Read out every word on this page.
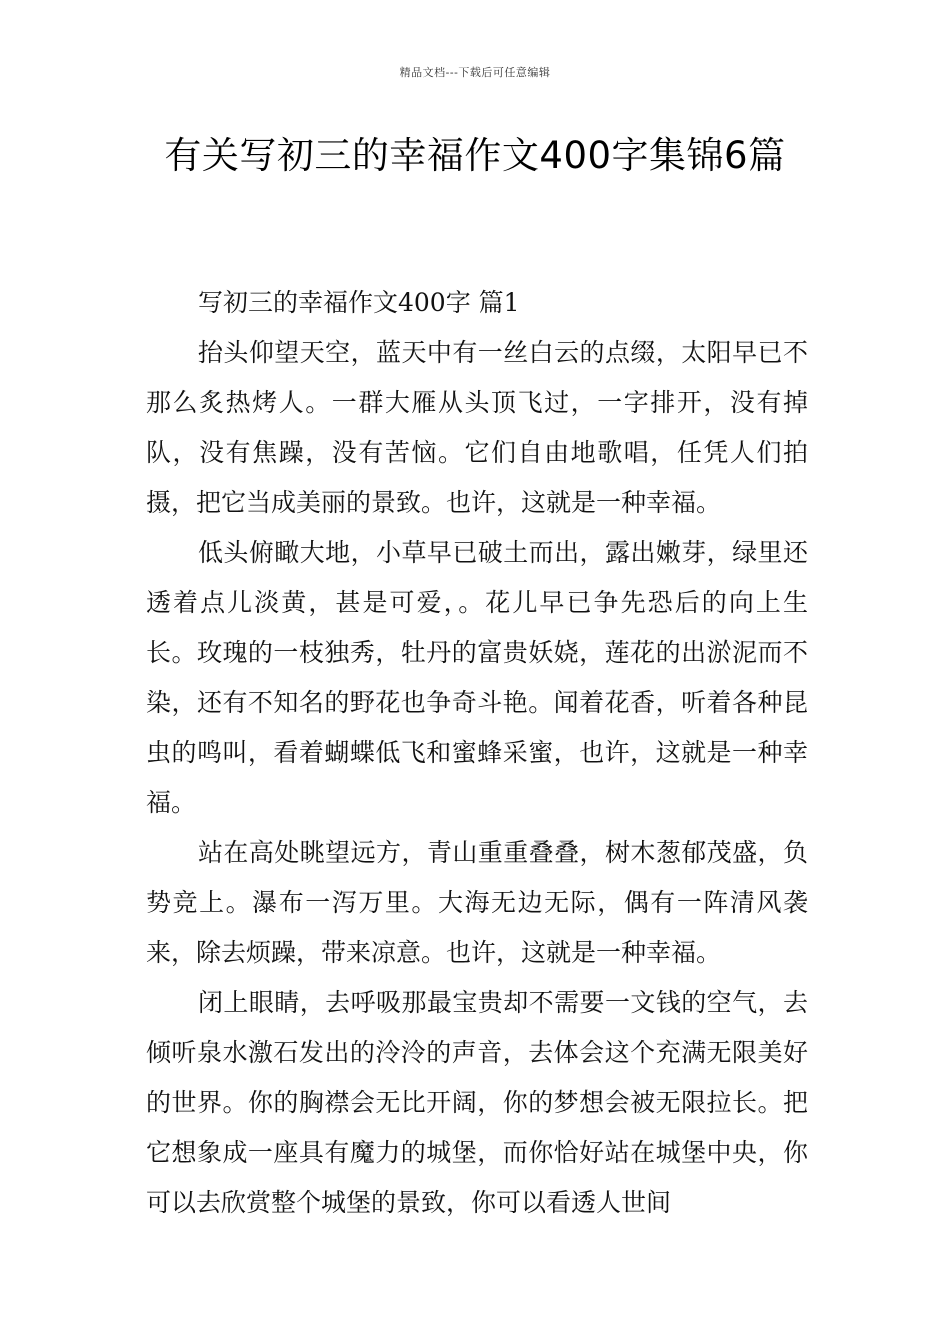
精品文档---下载后可任意编辑
有关写初三的幸福作文400字集锦6篇

写初三的幸福作文400字 篇1

抬头仰望天空，蓝天中有一丝白云的点缀，太阳早已不那么炙热烤人。一群大雁从头顶飞过，一字排开，没有掉队，没有焦躁，没有苦恼。它们自由地歌唱，任凭人们拍摄，把它当成美丽的景致。也许，这就是一种幸福。

低头俯瞰大地，小草早已破土而出，露出嫩芽，绿里还透着点儿淡黄，甚是可爱，。花儿早已争先恐后的向上生长。玫瑰的一枝独秀，牡丹的富贵妖娆，莲花的出淤泥而不染，还有不知名的野花也争奇斗艳。闻着花香，听着各种昆虫的鸣叫，看着蝴蝶低飞和蜜蜂采蜜，也许，这就是一种幸福。

站在高处眺望远方，青山重重叠叠，树木葱郁茂盛，负势竞上。瀑布一泻万里。大海无边无际，偶有一阵清风袭来，除去烦躁，带来凉意。也许，这就是一种幸福。

闭上眼睛，去呼吸那最宝贵却不需要一文钱的空气，去倾听泉水激石发出的泠泠的声音，去体会这个充满无限美好的世界。你的胸襟会无比开阔，你的梦想会被无限拉长。把它想象成一座具有魔力的城堡，而你恰好站在城堡中央，你可以去欣赏整个城堡的景致，你可以看透人世间
